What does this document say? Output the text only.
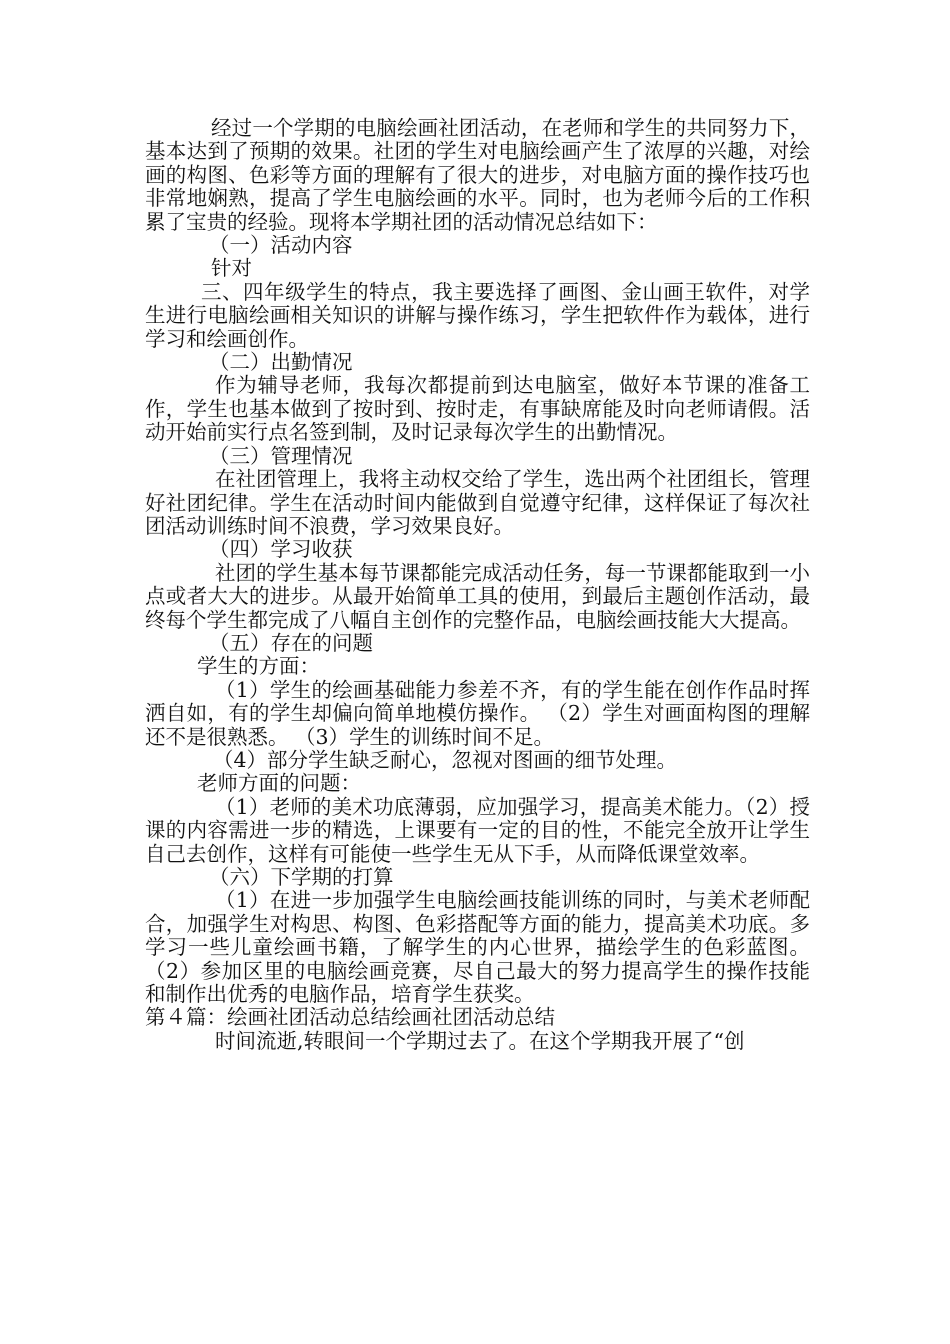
经过一个学期的电脑绘画社团活动，在老师和学生的共同努力下，基本达到了预期的效果。社团的学生对电脑绘画产生了浓厚的兴趣，对绘画的构图、色彩等方面的理解有了很大的进步，对电脑方面的操作技巧也非常地娴熟，提高了学生电脑绘画的水平。同时，也为老师今后的工作积累了宝贵的经验。现将本学期社团的活动情况总结如下：

（一）活动内容

针对

三、四年级学生的特点，我主要选择了画图、金山画王软件，对学生进行电脑绘画相关知识的讲解与操作练习，学生把软件作为载体，进行学习和绘画创作。

（二）出勤情况

作为辅导老师，我每次都提前到达电脑室，做好本节课的准备工作，学生也基本做到了按时到、按时走，有事缺席能及时向老师请假。活动开始前实行点名签到制，及时记录每次学生的出勤情况。

（三）管理情况

在社团管理上，我将主动权交给了学生，选出两个社团组长，管理好社团纪律。学生在活动时间内能做到自觉遵守纪律，这样保证了每次社团活动训练时间不浪费，学习效果良好。

（四）学习收获

社团的学生基本每节课都能完成活动任务，每一节课都能取到一小点或者大大的进步。从最开始简单工具的使用，到最后主题创作活动，最终每个学生都完成了八幅自主创作的完整作品，电脑绘画技能大大提高。

（五）存在的问题

学生的方面：

（1）学生的绘画基础能力参差不齐，有的学生能在创作作品时挥洒自如，有的学生却偏向简单地模仿操作。 （2）学生对画面构图的理解还不是很熟悉。 （3）学生的训练时间不足。

（4）部分学生缺乏耐心，忽视对图画的细节处理。

老师方面的问题：

（1）老师的美术功底薄弱，应加强学习，提高美术能力。（2）授课的内容需进一步的精选，上课要有一定的目的性，不能完全放开让学生自己去创作，这样有可能使一些学生无从下手，从而降低课堂效率。

（六）下学期的打算

（1）在进一步加强学生电脑绘画技能训练的同时，与美术老师配合，加强学生对构思、构图、色彩搭配等方面的能力，提高美术功底。多学习一些儿童绘画书籍，了解学生的内心世界，描绘学生的色彩蓝图。 （2）参加区里的电脑绘画竞赛，尽自己最大的努力提高学生的操作技能和制作出优秀的电脑作品，培育学生获奖。

第４篇：绘画社团活动总结绘画社团活动总结

时间流逝,转眼间一个学期过去了。在这个学期我开展了“创
